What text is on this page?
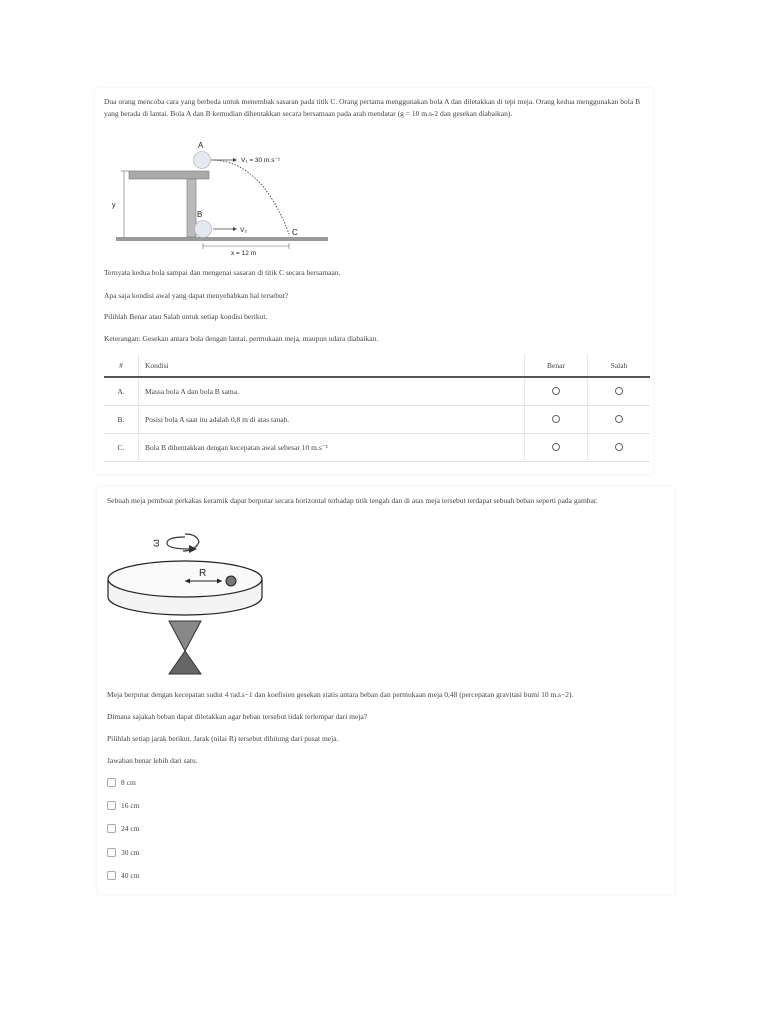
Dua orang mencoba cara yang berbeda untuk menembak sasaran pada titik C. Orang pertama menggunakan bola A dan diletakkan di tepi meja. Orang kedua menggunakan bola B yang berada di lantai. Bola A dan B kemudian dihentakkan secara bersamaan pada arah mendatar (g = 10 m.s-2 dan gesekan diabaikan).

y
A
V₁ = 30 m.s⁻¹
C
B
V₂
x = 12 m

Ternyata kedua bola sampai dan mengenai sasaran di titik C secara bersamaan.

Apa saja kondisi awal yang dapat menyebabkan hal tersebut?

Pilihlah Benar atau Salah untuk setiap kondisi berikut.

Keterangan: Gesekan antara bola dengan lantai, permukaan meja, maupun udara diabaikan.

#	Kondisi	Benar	Salah
A.	Massa bola A dan bola B sama.		
B.	Posisi bola A saat itu adalah 0,8 m di atas tanah.		
C.	Bola B dihentakkan dengan kecepatan awal sebesar 10 m.s⁻¹		

Sebuah meja pembuat perkakas keramik dapat berputar secara horizontal terhadap titik tengah dan di atas meja tersebut terdapat sebuah beban seperti pada gambar.

ω
R

Meja berputar dengan kecepatan sudut 4 rad.s−1 dan koefisien gesekan statis antara beban dan permukaan meja 0,48 (percepatan gravitasi bumi 10 m.s−2).

Dimana sajakah beban dapat diletakkan agar beban tersebut tidak terlempar dari meja?

Pilihlah setiap jarak berikut. Jarak (nilai R) tersebut dihitung dari pusat meja.

Jawaban benar lebih dari satu.

8 cm
16 cm
24 cm
30 cm
40 cm
